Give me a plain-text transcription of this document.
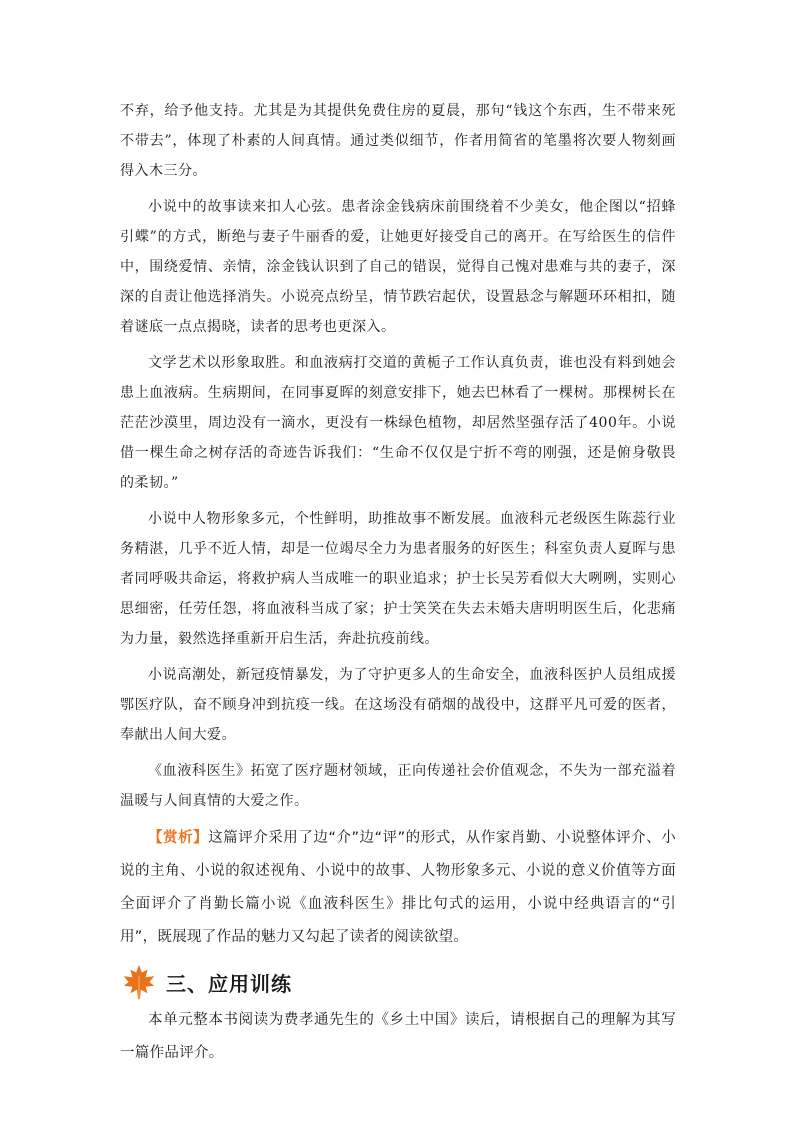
不弃，给予他支持。尤其是为其提供免费住房的夏晨，那句“钱这个东西，生不带来死不带去”，体现了朴素的人间真情。通过类似细节，作者用简省的笔墨将次要人物刻画得入木三分。

小说中的故事读来扣人心弦。患者涂金钱病床前围绕着不少美女，他企图以“招蜂引蝶”的方式，断绝与妻子牛丽香的爱，让她更好接受自己的离开。在写给医生的信件中，围绕爱情、亲情，涂金钱认识到了自己的错误，觉得自己愧对患难与共的妻子，深深的自责让他选择消失。小说亮点纷呈，情节跌宕起伏，设置悬念与解题环环相扣，随着谜底一点点揭晓，读者的思考也更深入。

文学艺术以形象取胜。和血液病打交道的黄栀子工作认真负责，谁也没有料到她会患上血液病。生病期间，在同事夏晖的刻意安排下，她去巴林看了一棵树。那棵树长在茫茫沙漠里，周边没有一滴水，更没有一株绿色植物，却居然坚强存活了400年。小说借一棵生命之树存活的奇迹告诉我们：“生命不仅仅是宁折不弯的刚强，还是俯身敬畏的柔韧。”

小说中人物形象多元，个性鲜明，助推故事不断发展。血液科元老级医生陈蕊行业务精湛，几乎不近人情，却是一位竭尽全力为患者服务的好医生；科室负责人夏晖与患者同呼吸共命运，将救护病人当成唯一的职业追求；护士长吴芳看似大大咧咧，实则心思细密，任劳任怨，将血液科当成了家；护士笑笑在失去未婚夫唐明明医生后，化悲痛为力量，毅然选择重新开启生活，奔赴抗疫前线。

小说高潮处，新冠疫情暴发，为了守护更多人的生命安全，血液科医护人员组成援鄂医疗队，奋不顾身冲到抗疫一线。在这场没有硝烟的战役中，这群平凡可爱的医者，奉献出人间大爱。

《血液科医生》拓宽了医疗题材领域，正向传递社会价值观念，不失为一部充溢着温暖与人间真情的大爱之作。

【赏析】这篇评介采用了边“介”边“评”的形式，从作家肖勤、小说整体评介、小说的主角、小说的叙述视角、小说中的故事、人物形象多元、小说的意义价值等方面全面评介了肖勤长篇小说《血液科医生》排比句式的运用，小说中经典语言的“引用”，既展现了作品的魅力又勾起了读者的阅读欲望。

三、应用训练

本单元整本书阅读为费孝通先生的《乡土中国》读后，请根据自己的理解为其写一篇作品评介。
